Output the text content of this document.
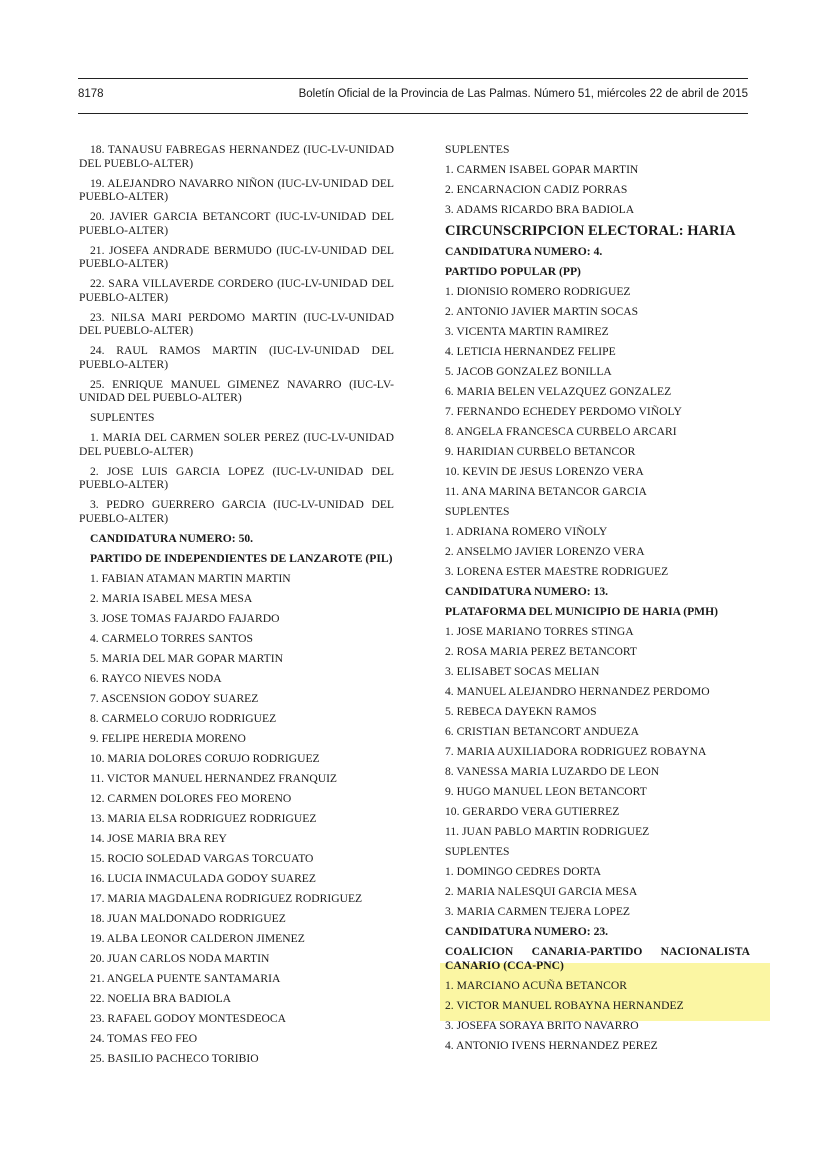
8178	Boletín Oficial de la Provincia de Las Palmas. Número 51, miércoles 22 de abril de 2015
18. TANAUSU FABREGAS HERNANDEZ (IUC-LV-UNIDAD DEL PUEBLO-ALTER)
19. ALEJANDRO NAVARRO NIÑON (IUC-LV-UNIDAD DEL PUEBLO-ALTER)
20. JAVIER GARCIA BETANCORT (IUC-LV-UNIDAD DEL PUEBLO-ALTER)
21. JOSEFA ANDRADE BERMUDO (IUC-LV-UNIDAD DEL PUEBLO-ALTER)
22. SARA VILLAVERDE CORDERO (IUC-LV-UNIDAD DEL PUEBLO-ALTER)
23. NILSA MARI PERDOMO MARTIN (IUC-LV-UNIDAD DEL PUEBLO-ALTER)
24. RAUL RAMOS MARTIN (IUC-LV-UNIDAD DEL PUEBLO-ALTER)
25. ENRIQUE MANUEL GIMENEZ NAVARRO (IUC-LV-UNIDAD DEL PUEBLO-ALTER)
SUPLENTES
1. MARIA DEL CARMEN SOLER PEREZ (IUC-LV-UNIDAD DEL PUEBLO-ALTER)
2. JOSE LUIS GARCIA LOPEZ (IUC-LV-UNIDAD DEL PUEBLO-ALTER)
3. PEDRO GUERRERO GARCIA (IUC-LV-UNIDAD DEL PUEBLO-ALTER)
CANDIDATURA NUMERO: 50.
PARTIDO DE INDEPENDIENTES DE LANZAROTE (PIL)
1. FABIAN ATAMAN MARTIN MARTIN
2. MARIA ISABEL MESA MESA
3. JOSE TOMAS FAJARDO FAJARDO
4. CARMELO TORRES SANTOS
5. MARIA DEL MAR GOPAR MARTIN
6. RAYCO NIEVES NODA
7. ASCENSION GODOY SUAREZ
8. CARMELO CORUJO RODRIGUEZ
9. FELIPE HEREDIA MORENO
10. MARIA DOLORES CORUJO RODRIGUEZ
11. VICTOR MANUEL HERNANDEZ FRANQUIZ
12. CARMEN DOLORES FEO MORENO
13. MARIA ELSA RODRIGUEZ RODRIGUEZ
14. JOSE MARIA BRA REY
15. ROCIO SOLEDAD VARGAS TORCUATO
16. LUCIA INMACULADA GODOY SUAREZ
17. MARIA MAGDALENA RODRIGUEZ RODRIGUEZ
18. JUAN MALDONADO RODRIGUEZ
19. ALBA LEONOR CALDERON JIMENEZ
20. JUAN CARLOS NODA MARTIN
21. ANGELA PUENTE SANTAMARIA
22. NOELIA BRA BADIOLA
23. RAFAEL GODOY MONTESDEOCA
24. TOMAS FEO FEO
25. BASILIO PACHECO TORIBIO
SUPLENTES
1. CARMEN ISABEL GOPAR MARTIN
2. ENCARNACION CADIZ PORRAS
3. ADAMS RICARDO BRA BADIOLA
CIRCUNSCRIPCION ELECTORAL: HARIA
CANDIDATURA NUMERO: 4.
PARTIDO POPULAR (PP)
1. DIONISIO ROMERO RODRIGUEZ
2. ANTONIO JAVIER MARTIN SOCAS
3. VICENTA MARTIN RAMIREZ
4. LETICIA HERNANDEZ FELIPE
5. JACOB GONZALEZ BONILLA
6. MARIA BELEN VELAZQUEZ GONZALEZ
7. FERNANDO ECHEDEY PERDOMO VIÑOLY
8. ANGELA FRANCESCA CURBELO ARCARI
9. HARIDIAN CURBELO BETANCOR
10. KEVIN DE JESUS LORENZO VERA
11. ANA MARINA BETANCOR GARCIA
SUPLENTES
1. ADRIANA ROMERO VIÑOLY
2. ANSELMO JAVIER LORENZO VERA
3. LORENA ESTER MAESTRE RODRIGUEZ
CANDIDATURA NUMERO: 13.
PLATAFORMA DEL MUNICIPIO DE HARIA (PMH)
1. JOSE MARIANO TORRES STINGA
2. ROSA MARIA PEREZ BETANCORT
3. ELISABET SOCAS MELIAN
4. MANUEL ALEJANDRO HERNANDEZ PERDOMO
5. REBECA DAYEKN RAMOS
6. CRISTIAN BETANCORT ANDUEZA
7. MARIA AUXILIADORA RODRIGUEZ ROBAYNA
8. VANESSA MARIA LUZARDO DE LEON
9. HUGO MANUEL LEON BETANCORT
10. GERARDO VERA GUTIERREZ
11. JUAN PABLO MARTIN RODRIGUEZ
SUPLENTES
1. DOMINGO CEDRES DORTA
2. MARIA NALESQUI GARCIA MESA
3. MARIA CARMEN TEJERA LOPEZ
CANDIDATURA NUMERO: 23.
COALICION CANARIA-PARTIDO NACIONALISTA CANARIO (CCA-PNC)
1. MARCIANO ACUÑA BETANCOR
2. VICTOR MANUEL ROBAYNA HERNANDEZ
3. JOSEFA SORAYA BRITO NAVARRO
4. ANTONIO IVENS HERNANDEZ PEREZ
